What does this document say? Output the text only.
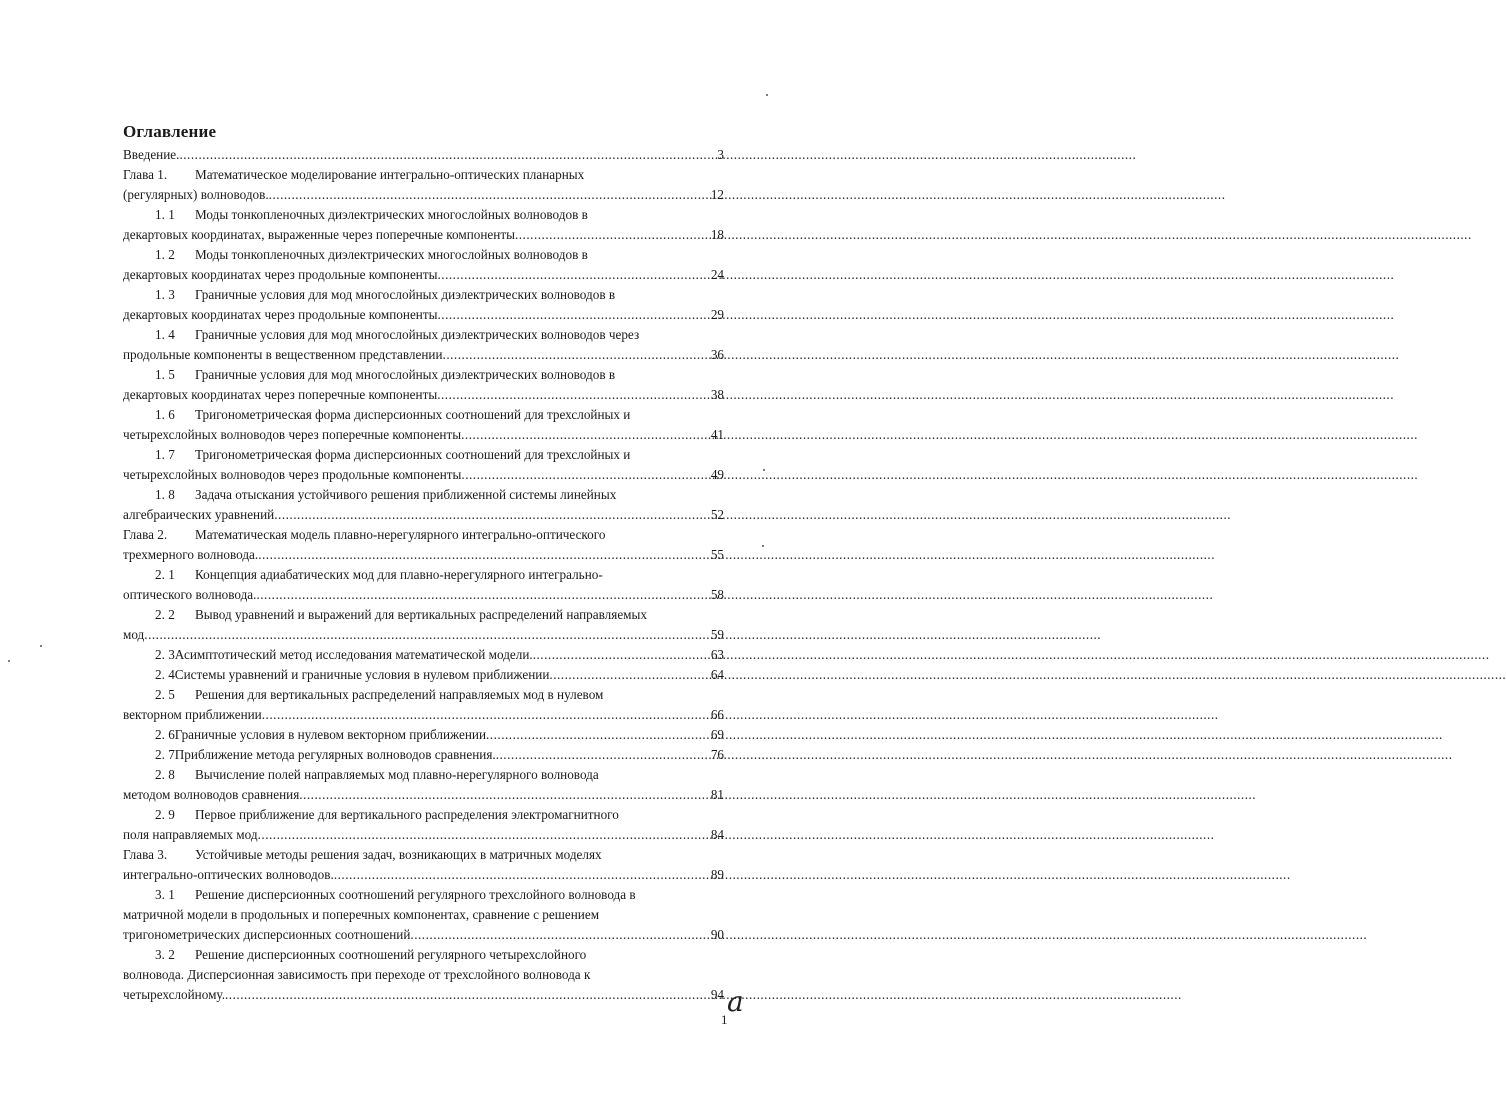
Оглавление
Введение. .....	3
Глава 1.	Математическое моделирование интегрально-оптических планарных
(регулярных) волноводов. .....	12
1. 1	Моды тонкопленочных диэлектрических многослойных волноводов в
декартовых координатах, выраженные через поперечные компоненты .....	18
1. 2	Моды тонкопленочных диэлектрических многослойных волноводов в
декартовых координатах через продольные компоненты .....	24
1. 3	Граничные условия для мод многослойных диэлектрических волноводов в
декартовых координатах через продольные компоненты .....	29
1. 4	Граничные условия для мод многослойных диэлектрических волноводов через
продольные компоненты в вещественном представлении .....	36
1. 5	Граничные условия для мод многослойных диэлектрических волноводов в
декартовых координатах через поперечные компоненты .....	38
1. 6	Тригонометрическая форма дисперсионных соотношений для трехслойных и
четырехслойных волноводов через поперечные компоненты .....	41
1. 7	Тригонометрическая форма дисперсионных соотношений для трехслойных и
четырехслойных волноводов через продольные компоненты .....	49
1. 8	Задача отыскания устойчивого решения приближенной системы линейных
алгебраических уравнений .....	52
Глава 2.	Математическая модель плавно-нерегулярного интегрально-оптического
трехмерного волновода. .....	55
2. 1	Концепция адиабатических мод для плавно-нерегулярного интегрально-
оптического волновода. .....	58
2. 2	Вывод уравнений и выражений для вертикальных распределений направляемых
мод .....	59
2. 3 Асимптотический метод исследования математической модели. .....	63
2. 4 Системы уравнений и граничные условия в нулевом приближении .....	64
2. 5	Решения для вертикальных распределений направляемых мод в нулевом
векторном приближении .....	66
2. 6 Граничные условия в нулевом векторном приближении .....	69
2. 7 Приближение метода регулярных волноводов сравнения. .....	76
2. 8	Вычисление полей направляемых мод плавно-нерегулярного волновода
методом волноводов сравнения .....	81
2. 9	Первое приближение для вертикального распределения электромагнитного
поля направляемых мод .....	84
Глава 3.	Устойчивые методы решения задач, возникающих в матричных моделях
интегрально-оптических волноводов. .....	89
3. 1	Решение дисперсионных соотношений регулярного трехслойного волновода в
матричной модели в продольных и поперечных компонентах, сравнение с решением
тригонометрических дисперсионных соотношений .....	90
3. 2	Решение дисперсионных соотношений регулярного четырехслойного
волновода. Дисперсионная зависимость при переходе от трехслойного волновода к
четырехслойному. .....	94 a
1
